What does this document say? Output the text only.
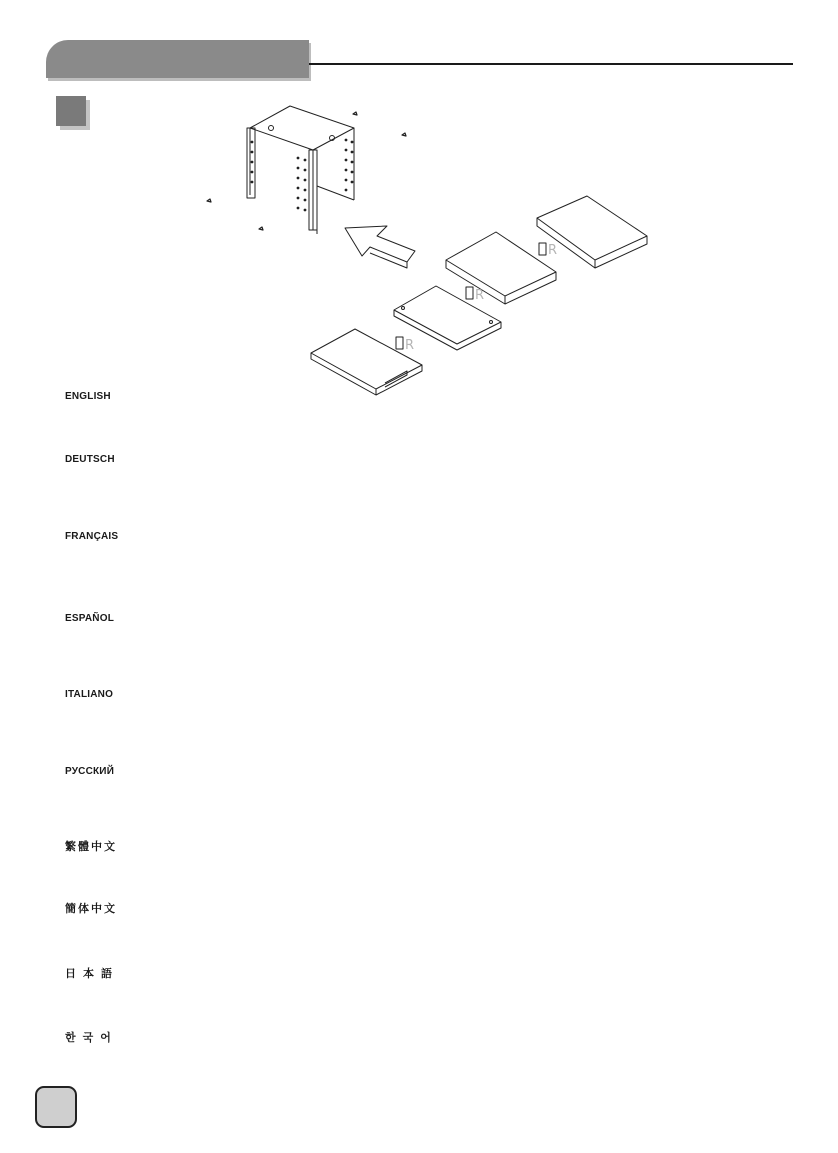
R
R
R
ENGLISH
DEUTSCH
FRANÇAIS
ESPAÑOL
ITALIANO
РУССКИЙ
繁體中文
簡体中文
日本語
한국어
